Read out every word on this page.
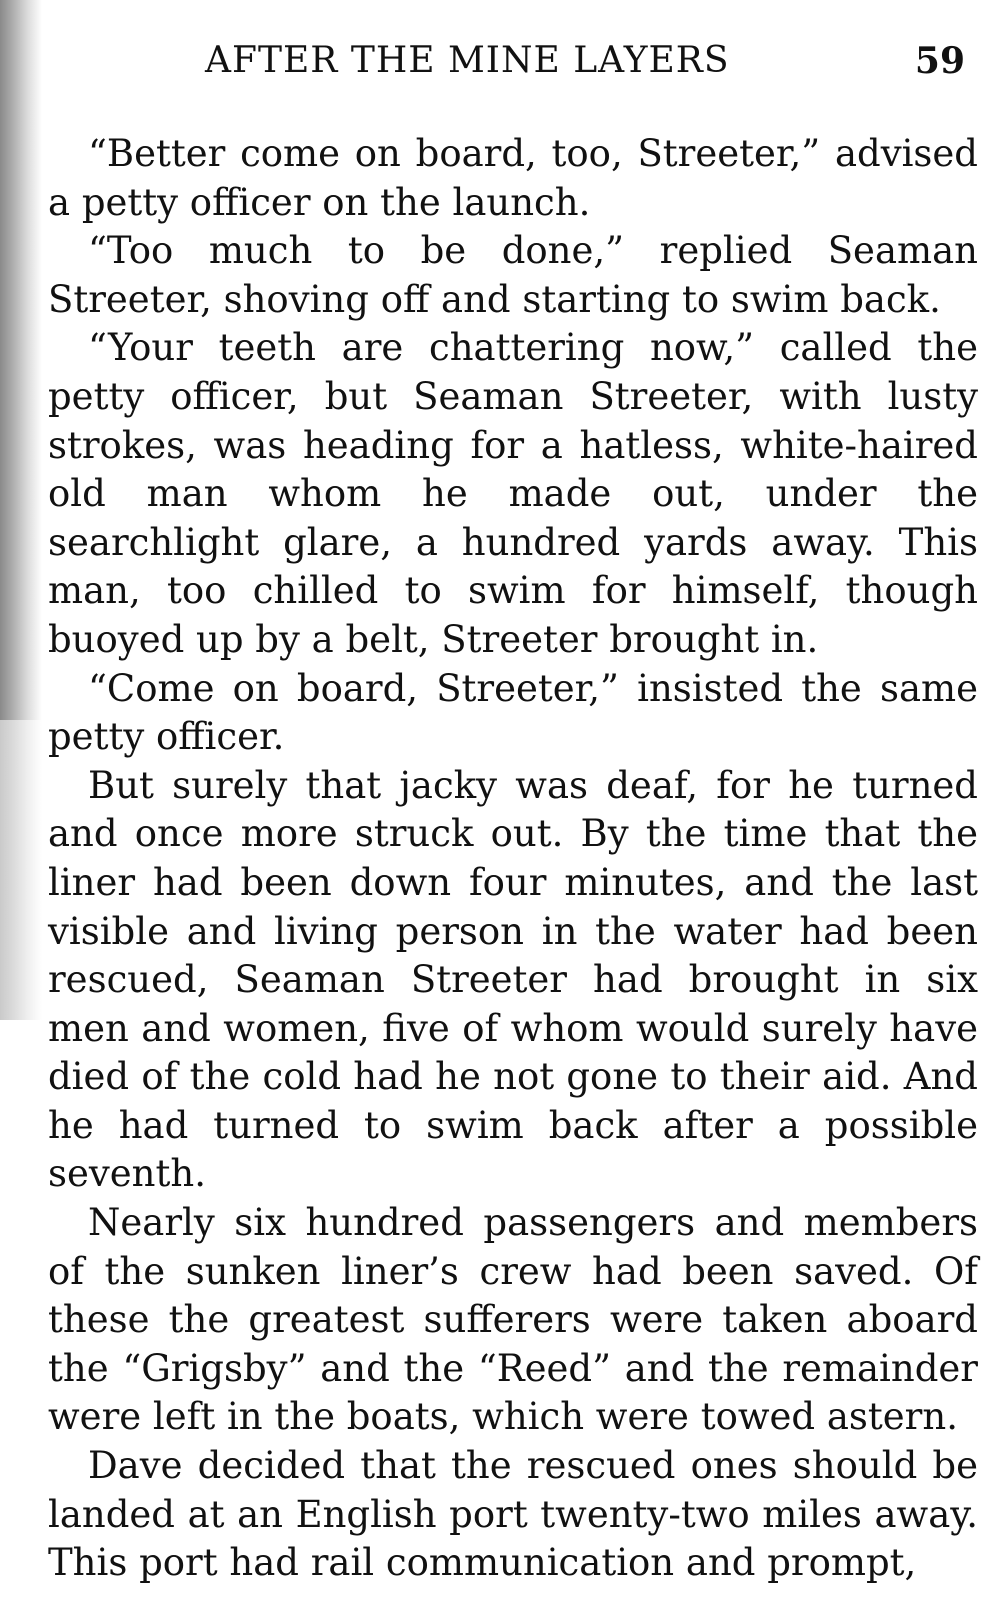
AFTER THE MINE LAYERS	59

“Better come on board, too, Streeter,” advised a petty officer on the launch.

“Too much to be done,” replied Seaman Streeter, shoving off and starting to swim back.

“Your teeth are chattering now,” called the petty officer, but Seaman Streeter, with lusty strokes, was heading for a hatless, white-haired old man whom he made out, under the searchlight glare, a hundred yards away. This man, too chilled to swim for himself, though buoyed up by a belt, Streeter brought in.

“Come on board, Streeter,” insisted the same petty officer.

But surely that jacky was deaf, for he turned and once more struck out. By the time that the liner had been down four minutes, and the last visible and living person in the water had been rescued, Seaman Streeter had brought in six men and women, five of whom would surely have died of the cold had he not gone to their aid. And he had turned to swim back after a possible seventh.

Nearly six hundred passengers and members of the sunken liner’s crew had been saved. Of these the greatest sufferers were taken aboard the “Grigsby” and the “Reed” and the remainder were left in the boats, which were towed astern.

Dave decided that the rescued ones should be landed at an English port twenty-two miles away. This port had rail communication and prompt,
